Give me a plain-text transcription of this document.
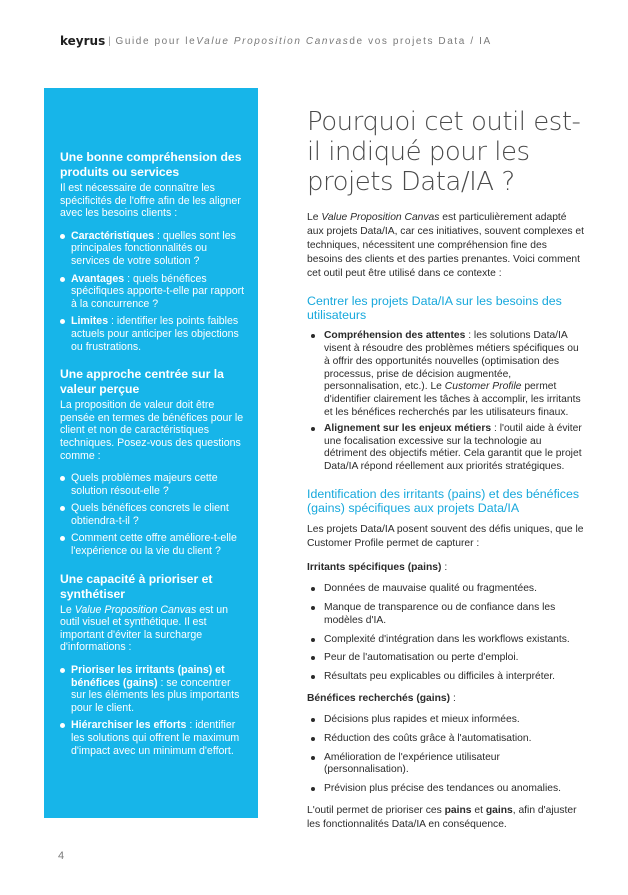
keyrus | Guide pour le Value Proposition Canvas de vos projets Data / IA
Une bonne compréhension des produits ou services
Il est nécessaire de connaître les spécificités de l'offre afin de les aligner avec les besoins clients :
Caractéristiques : quelles sont les principales fonctionnalités ou services de votre solution ?
Avantages : quels bénéfices spécifiques apporte-t-elle par rapport à la concurrence ?
Limites : identifier les points faibles actuels pour anticiper les objections ou frustrations.
Une approche centrée sur la valeur perçue
La proposition de valeur doit être pensée en termes de bénéfices pour le client et non de caractéristiques techniques. Posez-vous des questions comme :
Quels problèmes majeurs cette solution résout-elle ?
Quels bénéfices concrets le client obtiendra-t-il ?
Comment cette offre améliore-t-elle l'expérience ou la vie du client ?
Une capacité à prioriser et synthétiser
Le Value Proposition Canvas est un outil visuel et synthétique. Il est important d'éviter la surcharge d'informations :
Prioriser les irritants (pains) et bénéfices (gains) : se concentrer sur les éléments les plus importants pour le client.
Hiérarchiser les efforts : identifier les solutions qui offrent le maximum d'impact avec un minimum d'effort.
Pourquoi cet outil est-il indiqué pour les projets Data/IA ?

Le Value Proposition Canvas est particulièrement adapté aux projets Data/IA, car ces initiatives, souvent complexes et techniques, nécessitent une compréhension fine des besoins des clients et des parties prenantes. Voici comment cet outil peut être utilisé dans ce contexte :

Centrer les projets Data/IA sur les besoins des utilisateurs
Compréhension des attentes : les solutions Data/IA visent à résoudre des problèmes métiers spécifiques ou à offrir des opportunités nouvelles (optimisation des processus, prise de décision augmentée, personnalisation, etc.). Le Customer Profile permet d'identifier clairement les tâches à accomplir, les irritants et les bénéfices recherchés par les utilisateurs finaux.
Alignement sur les enjeux métiers : l'outil aide à éviter une focalisation excessive sur la technologie au détriment des objectifs métier. Cela garantit que le projet Data/IA répond réellement aux priorités stratégiques.
Identification des irritants (pains) et des bénéfices (gains) spécifiques aux projets Data/IA

Les projets Data/IA posent souvent des défis uniques, que le Customer Profile permet de capturer :

Irritants spécifiques (pains) :
Données de mauvaise qualité ou fragmentées.
Manque de transparence ou de confiance dans les modèles d'IA.
Complexité d'intégration dans les workflows existants.
Peur de l'automatisation ou perte d'emploi.
Résultats peu explicables ou difficiles à interpréter.
Bénéfices recherchés (gains) :
Décisions plus rapides et mieux informées.
Réduction des coûts grâce à l'automatisation.
Amélioration de l'expérience utilisateur (personnalisation).
Prévision plus précise des tendances ou anomalies.

L'outil permet de prioriser ces pains et gains, afin d'ajuster les fonctionnalités Data/IA en conséquence.

4
